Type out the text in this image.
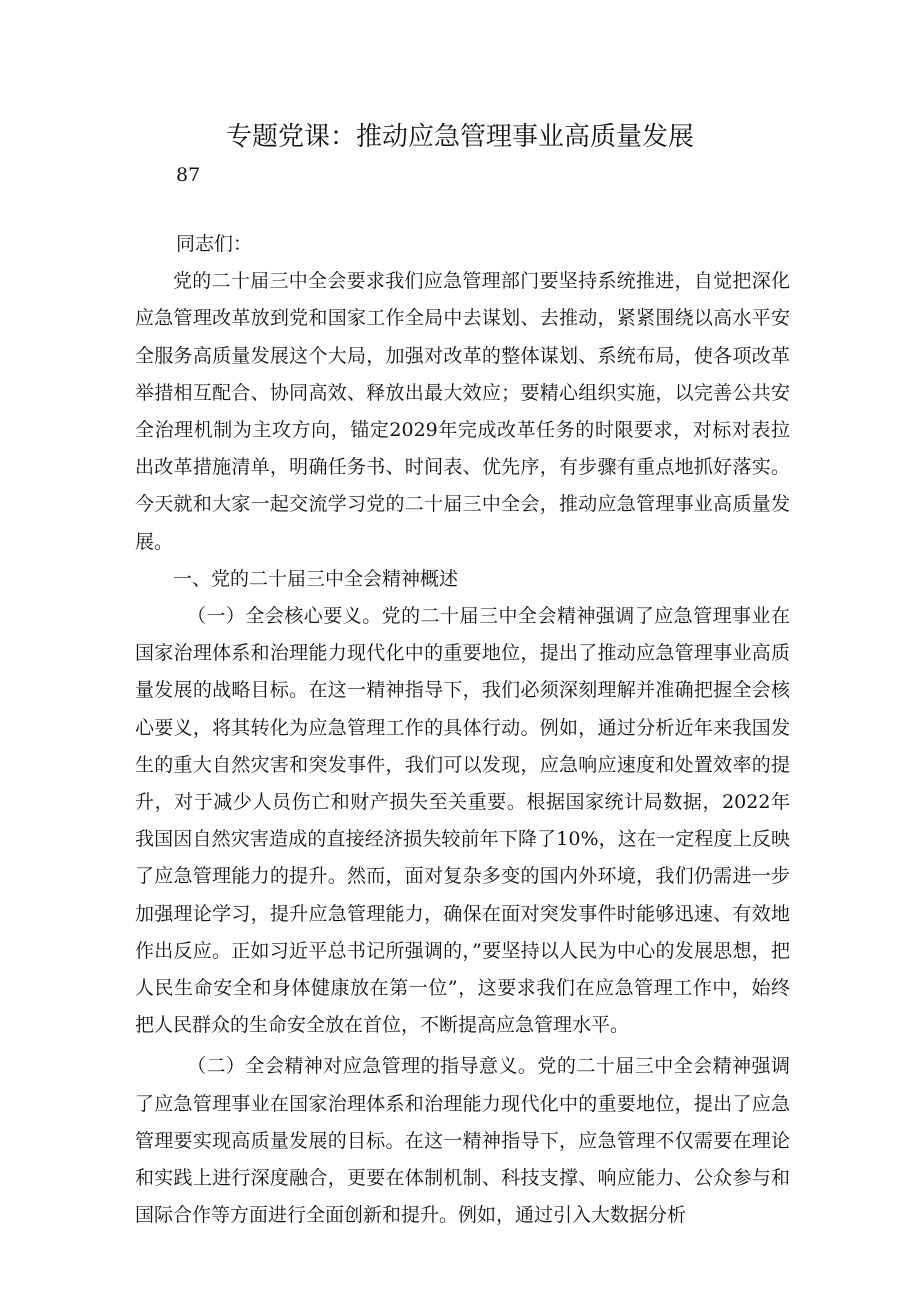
专题党课：推动应急管理事业高质量发展
87

同志们：

党的二十届三中全会要求我们应急管理部门要坚持系统推进，自觉把深化应急管理改革放到党和国家工作全局中去谋划、去推动，紧紧围绕以高水平安全服务高质量发展这个大局，加强对改革的整体谋划、系统布局，使各项改革举措相互配合、协同高效、释放出最大效应；要精心组织实施，以完善公共安全治理机制为主攻方向，锚定2029年完成改革任务的时限要求，对标对表拉出改革措施清单，明确任务书、时间表、优先序，有步骤有重点地抓好落实。今天就和大家一起交流学习党的二十届三中全会，推动应急管理事业高质量发展。

一、党的二十届三中全会精神概述

（一）全会核心要义。党的二十届三中全会精神强调了应急管理事业在国家治理体系和治理能力现代化中的重要地位，提出了推动应急管理事业高质量发展的战略目标。在这一精神指导下，我们必须深刻理解并准确把握全会核心要义，将其转化为应急管理工作的具体行动。例如，通过分析近年来我国发生的重大自然灾害和突发事件，我们可以发现，应急响应速度和处置效率的提升，对于减少人员伤亡和财产损失至关重要。根据国家统计局数据，2022年我国因自然灾害造成的直接经济损失较前年下降了10%，这在一定程度上反映了应急管理能力的提升。然而，面对复杂多变的国内外环境，我们仍需进一步加强理论学习，提升应急管理能力，确保在面对突发事件时能够迅速、有效地作出反应。正如习近平总书记所强调的，”要坚持以人民为中心的发展思想，把人民生命安全和身体健康放在第一位”，这要求我们在应急管理工作中，始终把人民群众的生命安全放在首位，不断提高应急管理水平。

（二）全会精神对应急管理的指导意义。党的二十届三中全会精神强调了应急管理事业在国家治理体系和治理能力现代化中的重要地位，提出了应急管理要实现高质量发展的目标。在这一精神指导下，应急管理不仅需要在理论和实践上进行深度融合，更要在体制机制、科技支撑、响应能力、公众参与和国际合作等方面进行全面创新和提升。例如，通过引入大数据分析
